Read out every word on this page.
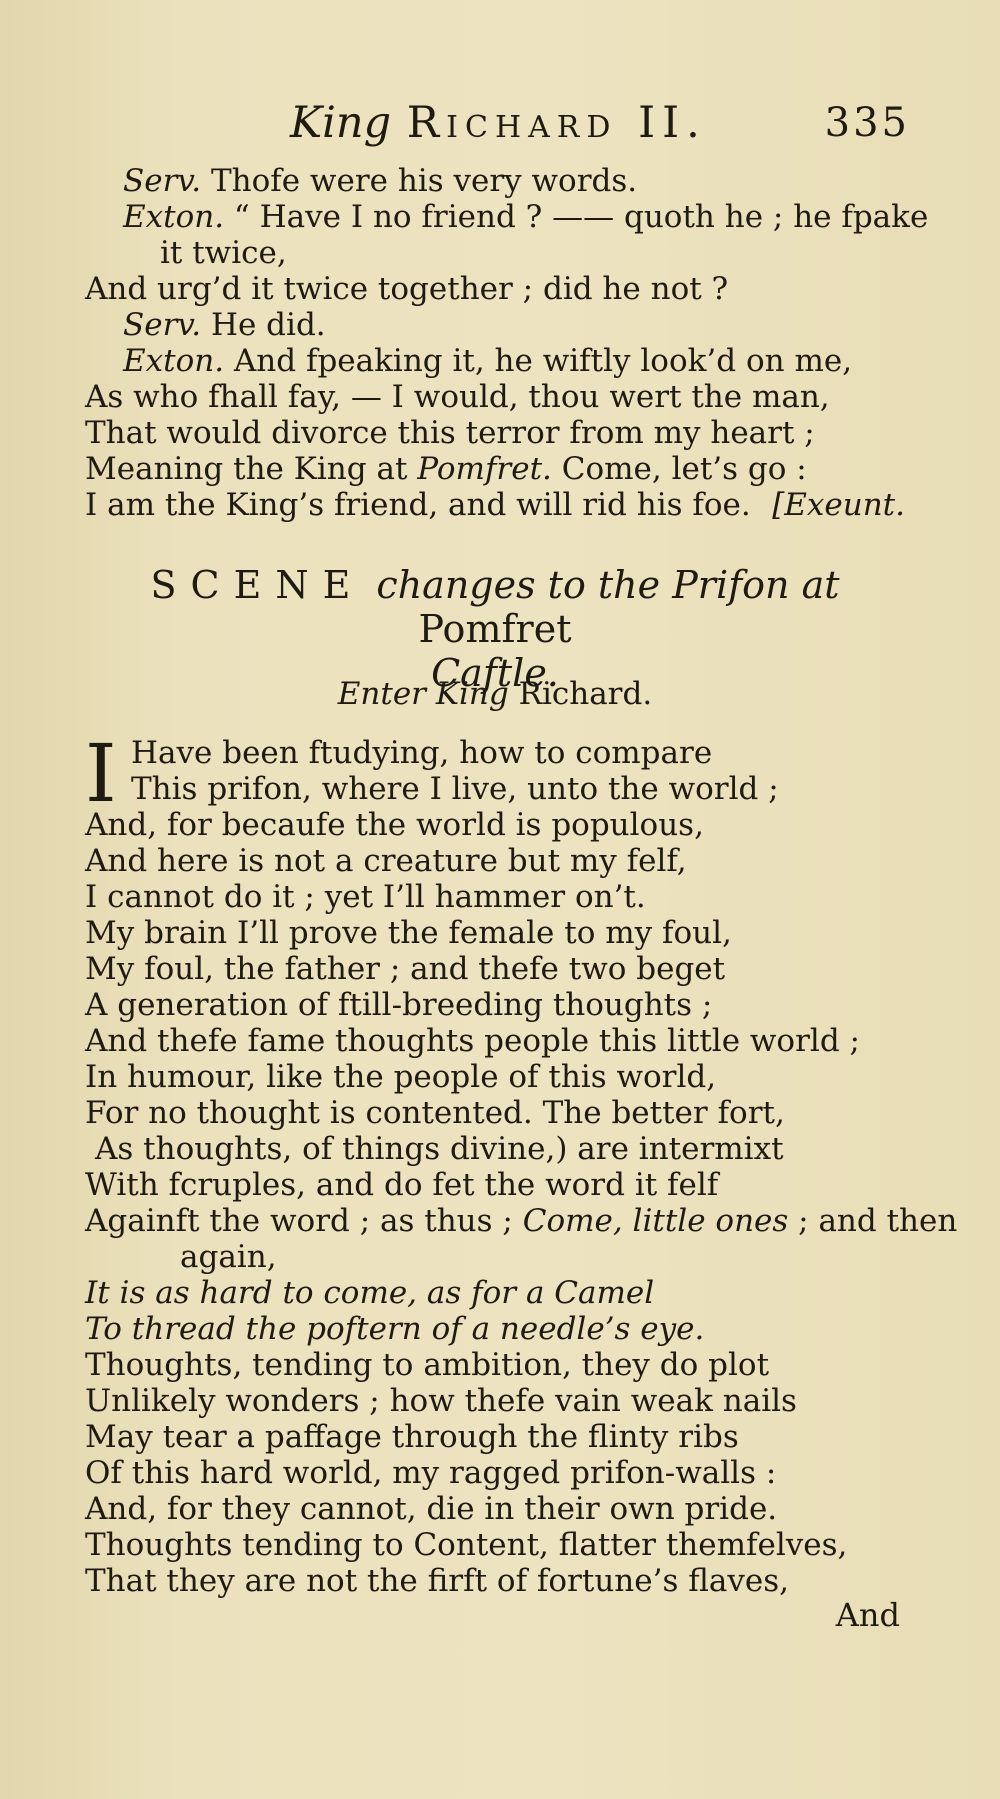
King Richard II.	335
Serv. Thofe were his very words.
Exton. “ Have I no friend ? —— quoth he ; he fpake
it twice,
And urg’d it twice together ; did he not ?
Serv. He did.
Exton. And fpeaking it, he wiftly look’d on me,
As who fhall fay, — I would, thou wert the man,
That would divorce this terror from my heart ;
Meaning the King at Pomfret. Come, let’s go :
I am the King’s friend, and will rid his foe. [Exeunt.
SCENE changes to the Prifon at Pomfret
Caftle.
Enter King Richard.
I Have been ftudying, how to compare
This prifon, where I live, unto the world ;
And, for becaufe the world is populous,
And here is not a creature but my felf,
I cannot do it ; yet I’ll hammer on’t.
My brain I’ll prove the female to my foul,
My foul, the father ; and thefe two beget
A generation of ftill-breeding thoughts ;
And thefe fame thoughts people this little world ;
In humour, like the people of this world,
For no thought is contented. The better fort,
As thoughts, of things divine,) are intermixt
With fcruples, and do fet the word it felf
Againft the word ; as thus ; Come, little ones ; and then
again,
It is as hard to come, as for a Camel
To thread the poftern of a needle’s eye.
Thoughts, tending to ambition, they do plot
Unlikely wonders ; how thefe vain weak nails
May tear a paffage through the flinty ribs
Of this hard world, my ragged prifon-walls :
And, for they cannot, die in their own pride.
Thoughts tending to Content, flatter themfelves,
That they are not the firft of fortune’s flaves,
And
